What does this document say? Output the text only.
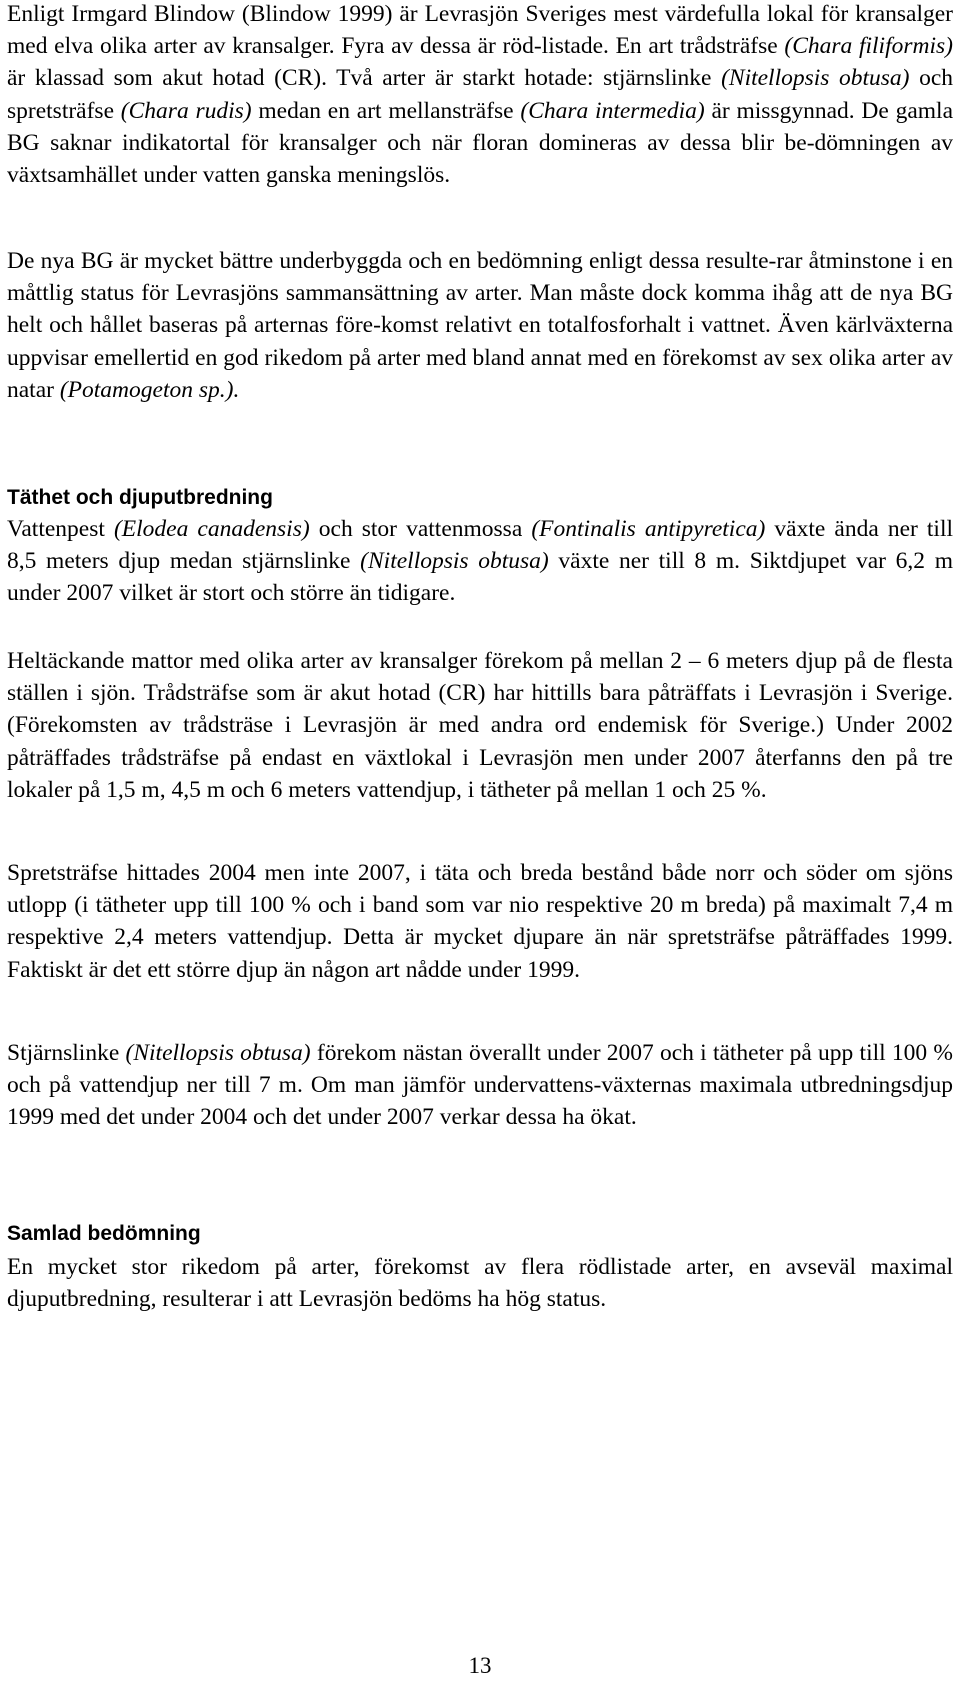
Enligt Irmgard Blindow (Blindow 1999) är Levrasjön Sveriges mest värdefulla lokal för kransalger med elva olika arter av kransalger. Fyra av dessa är röd-listade. En art trådsträfse (Chara filiformis) är klassad som akut hotad (CR). Två arter är starkt hotade: stjärnslinke (Nitellopsis obtusa) och spretsträfse (Chara rudis) medan en art mellansträfse (Chara intermedia) är missgynnad. De gamla BG saknar indikatortal för kransalger och när floran domineras av dessa blir be-dömningen av växtsamhället under vatten ganska meningslös.

De nya BG är mycket bättre underbyggda och en bedömning enligt dessa resulte-rar åtminstone i en måttlig status för Levrasjöns sammansättning av arter. Man måste dock komma ihåg att de nya BG helt och hållet baseras på arternas före-komst relativt en totalfosforhalt i vattnet. Även kärlväxterna uppvisar emellertid en god rikedom på arter med bland annat med en förekomst av sex olika arter av natar (Potamogeton sp.).

Täthet och djuputbredning

Vattenpest (Elodea canadensis) och stor vattenmossa (Fontinalis antipyretica) växte ända ner till 8,5 meters djup medan stjärnslinke (Nitellopsis obtusa) växte ner till 8 m. Siktdjupet var 6,2 m under 2007 vilket är stort och större än tidigare.

Heltäckande mattor med olika arter av kransalger förekom på mellan 2 – 6 meters djup på de flesta ställen i sjön. Trådsträfse som är akut hotad (CR) har hittills bara påträffats i Levrasjön i Sverige. (Förekomsten av trådsträse i Levrasjön är med andra ord endemisk för Sverige.) Under 2002 påträffades trådsträfse på endast en växtlokal i Levrasjön men under 2007 återfanns den på tre lokaler på 1,5 m, 4,5 m och 6 meters vattendjup, i tätheter på mellan 1 och 25 %.

Spretsträfse hittades 2004 men inte 2007, i täta och breda bestånd både norr och söder om sjöns utlopp (i tätheter upp till 100 % och i band som var nio respektive 20 m breda) på maximalt 7,4 m respektive 2,4 meters vattendjup. Detta är mycket djupare än när spretsträfse påträffades 1999. Faktiskt är det ett större djup än någon art nådde under 1999.

Stjärnslinke (Nitellopsis obtusa) förekom nästan överallt under 2007 och i tätheter på upp till 100 % och på vattendjup ner till 7 m. Om man jämför undervattens-växternas maximala utbredningsdjup 1999 med det under 2004 och det under 2007 verkar dessa ha ökat.

Samlad bedömning

En mycket stor rikedom på arter, förekomst av flera rödlistade arter, en avseväl maximal djuputbredning, resulterar i att Levrasjön bedöms ha hög status.

13
